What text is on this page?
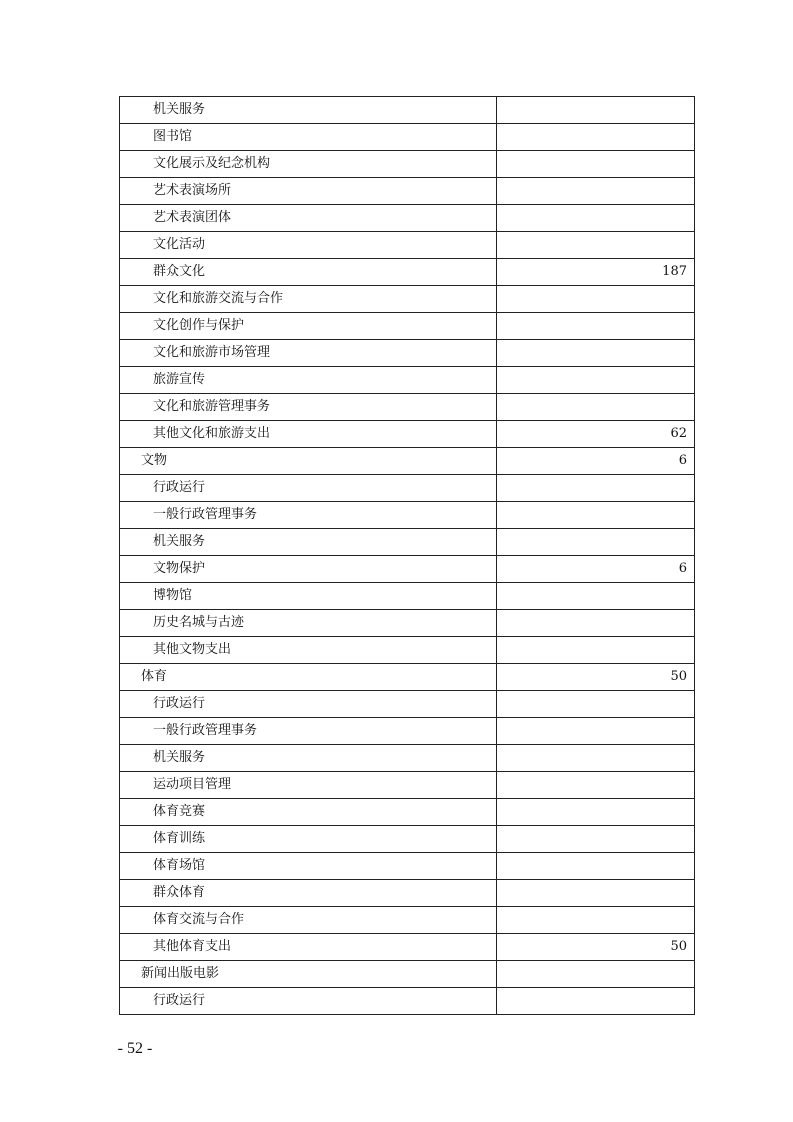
机关服务	
图书馆	
文化展示及纪念机构	
艺术表演场所	
艺术表演团体	
文化活动	
群众文化	187
文化和旅游交流与合作	
文化创作与保护	
文化和旅游市场管理	
旅游宣传	
文化和旅游管理事务	
其他文化和旅游支出	62
文物	6
行政运行	
一般行政管理事务	
机关服务	
文物保护	6
博物馆	
历史名城与古迹	
其他文物支出	
体育	50
行政运行	
一般行政管理事务	
机关服务	
运动项目管理	
体育竞赛	
体育训练	
体育场馆	
群众体育	
体育交流与合作	
其他体育支出	50
新闻出版电影	
行政运行	
- 52 -
